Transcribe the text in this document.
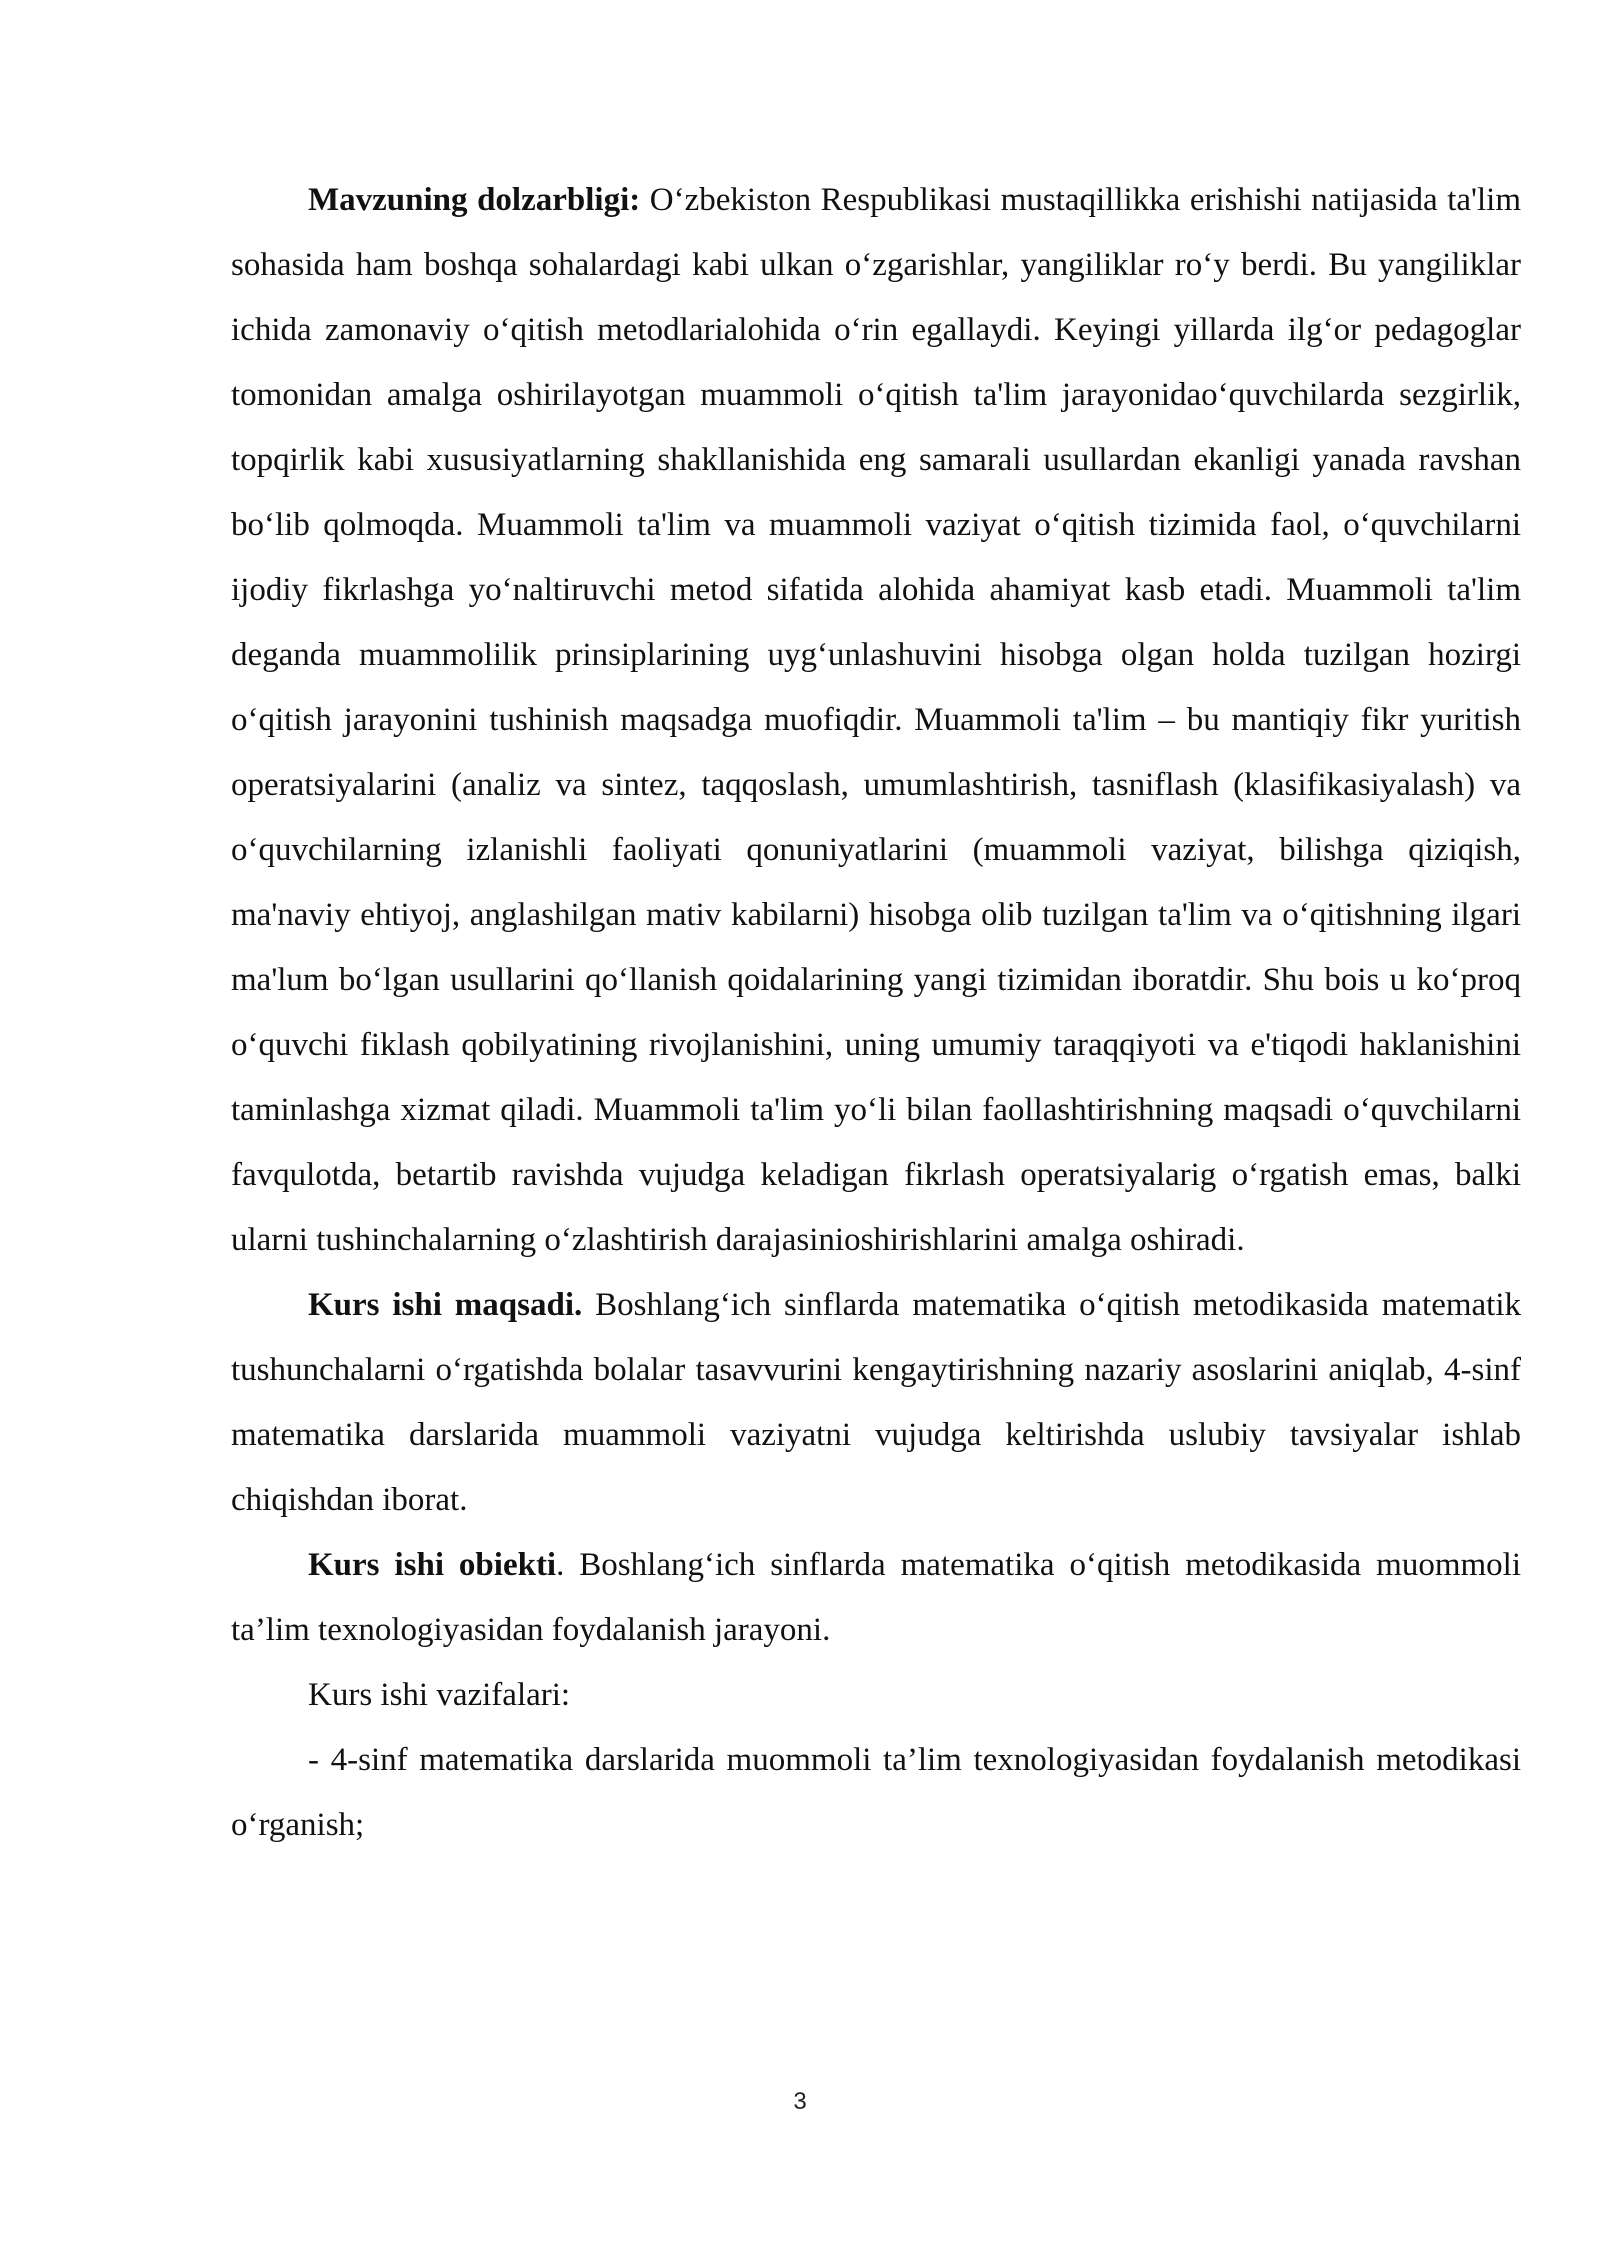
Mavzuning dolzarbligi: O‘zbekiston Respublikasi mustaqillikka erishishi natijasida ta'lim sohasida ham boshqa sohalardagi kabi ulkan o‘zgarishlar, yangiliklar ro‘y berdi. Bu yangiliklar ichida zamonaviy o‘qitish metodlarialohida o‘rin egallaydi. Keyingi yillarda ilg‘or pedagoglar tomonidan amalga oshirilayotgan muammoli o‘qitish ta'lim jarayonidao‘quvchilarda sezgirlik, topqirlik kabi xususiyatlarning shakllanishida eng samarali usullardan ekanligi yanada ravshan bo‘lib qolmoqda. Muammoli ta'lim va muammoli vaziyat o‘qitish tizimida faol, o‘quvchilarni ijodiy fikrlashga yo‘naltiruvchi metod sifatida alohida ahamiyat kasb etadi. Muammoli ta'lim deganda muammolilik prinsiplarining uyg‘unlashuvini hisobga olgan holda tuzilgan hozirgi o‘qitish jarayonini tushinish maqsadga muofiqdir. Muammoli ta'lim – bu mantiqiy fikr yuritish operatsiyalarini (analiz va sintez, taqqoslash, umumlashtirish, tasniflash (klasifikasiyalash) va o‘quvchilarning izlanishli faoliyati qonuniyatlarini (muammoli vaziyat, bilishga qiziqish, ma'naviy ehtiyoj, anglashilgan mativ kabilarni) hisobga olib tuzilgan ta'lim va o‘qitishning ilgari ma'lum bo‘lgan usullarini qo‘llanish qoidalarining yangi tizimidan iboratdir. Shu bois u ko‘proq o‘quvchi fiklash qobilyatining rivojlanishini, uning umumiy taraqqiyoti va e'tiqodi haklanishini taminlashga xizmat qiladi. Muammoli ta'lim yo‘li bilan faollashtirishning maqsadi o‘quvchilarni favqulotda, betartib ravishda vujudga keladigan fikrlash operatsiyalarig o‘rgatish emas, balki ularni tushinchalarning o‘zlashtirish darajasinioshirishlarini amalga oshiradi.

Kurs ishi maqsadi. Boshlang‘ich sinflarda matematika o‘qitish metodikasida matematik tushunchalarni o‘rgatishda bolalar tasavvurini kengaytirishning nazariy asoslarini aniqlab, 4-sinf matematika darslarida muammoli vaziyatni vujudga keltirishda uslubiy tavsiyalar ishlab chiqishdan iborat.

Kurs ishi obiekti. Boshlang‘ich sinflarda matematika o‘qitish metodikasida muommoli ta’lim texnologiyasidan foydalanish jarayoni.

Kurs ishi vazifalari:

- 4-sinf matematika darslarida muommoli ta’lim texnologiyasidan foydalanish metodikasi o‘rganish;

3
